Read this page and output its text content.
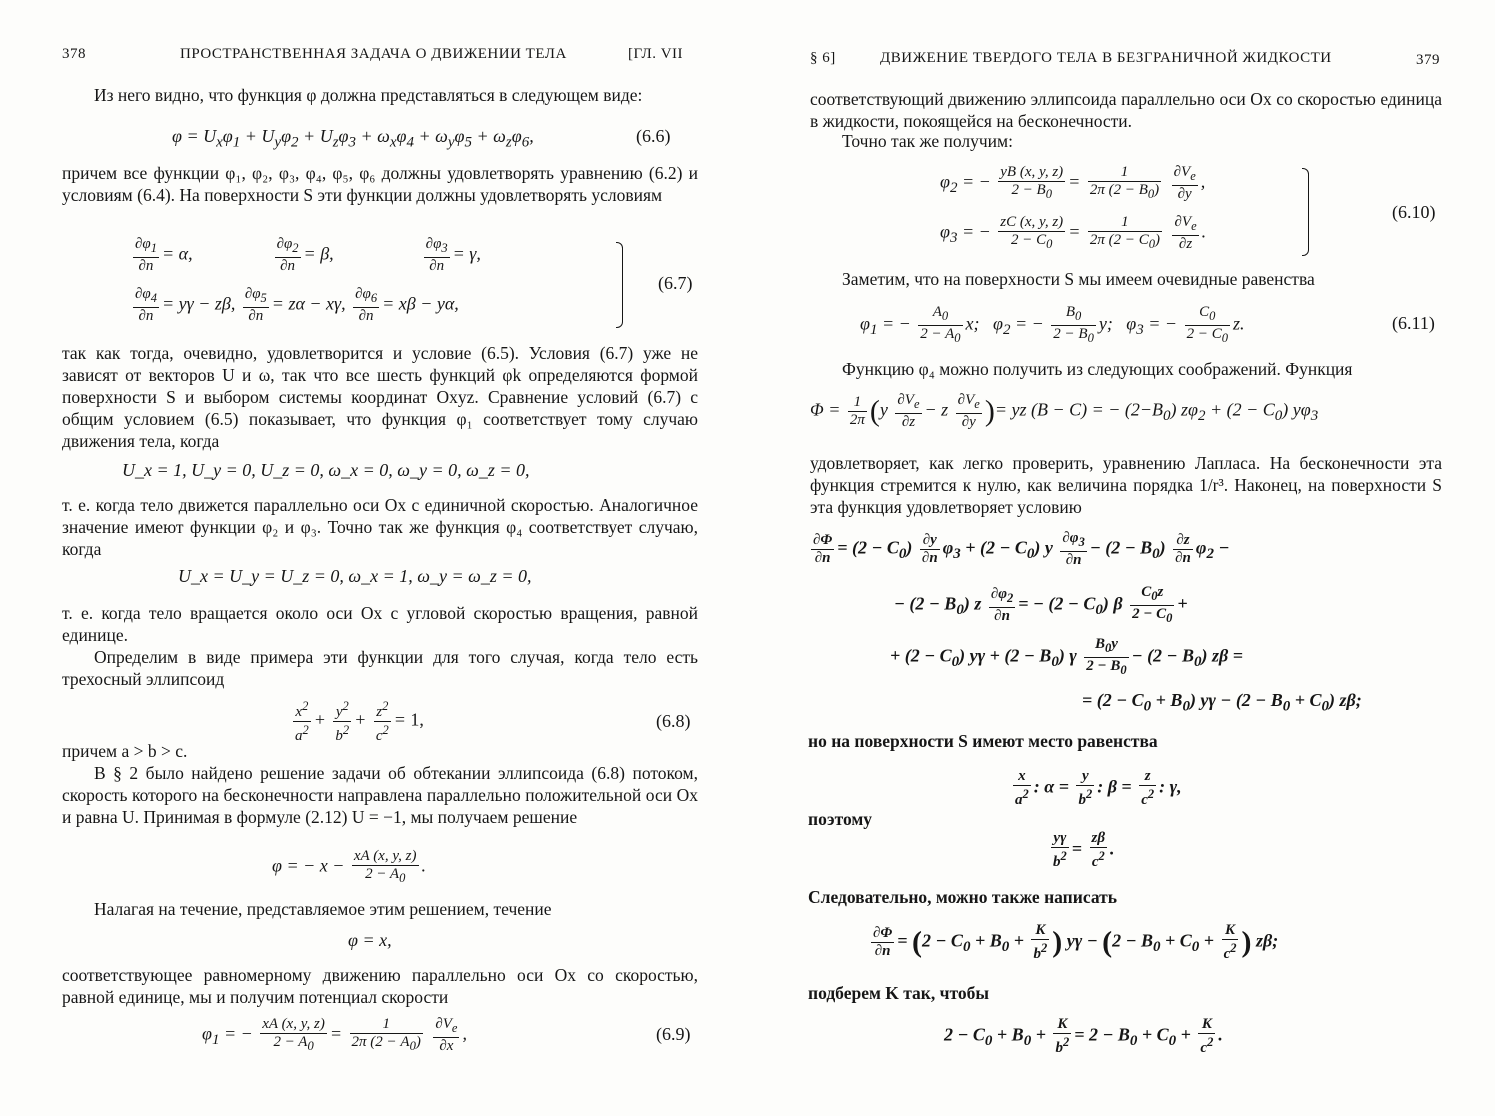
378	ПРОСТРАНСТВЕННАЯ ЗАДАЧА О ДВИЖЕНИИ ТЕЛА	[ГЛ. VII
Из него видно, что функция φ должна представляться в следующем виде:
$\varphi = U_x\varphi_1 + U_y\varphi_2 + U_z\varphi_3 + \omega_x\varphi_4 + \omega_y\varphi_5 + \omega_z\varphi_6$,	(6.6)
причем все функции φ₁, φ₂, φ₃, φ₄, φ₅, φ₆ должны удовлетворять уравнению (6.2) и условиям (6.4). На поверхности S эти функции должны удовлетворять условиям
$\frac{\partial\varphi_1}{\partial n} = \alpha$,	$\frac{\partial\varphi_2}{\partial n} = \beta$,	$\frac{\partial\varphi_3}{\partial n} = \gamma$,
$\frac{\partial\varphi_4}{\partial n} = y\gamma - z\beta$, $\frac{\partial\varphi_5}{\partial n} = z\alpha - x\gamma$, $\frac{\partial\varphi_6}{\partial n} = x\beta - y\alpha$,
(6.7)
так как тогда, очевидно, удовлетворится и условие (6.5). Условия (6.7) уже не зависят от векторов U и ω, так что все шесть функций φk определяются формой поверхности S и выбором системы координат Oxyz. Сравнение условий (6.7) с общим условием (6.5) показывает, что функция φ₁ соответствует тому случаю движения тела, когда
U_x = 1, U_y = 0, U_z = 0, ω_x = 0, ω_y = 0, ω_z = 0,
т. е. когда тело движется параллельно оси Ox с единичной скоростью. Аналогичное значение имеют функции φ₂ и φ₃. Точно так же функция φ₄ соответствует случаю, когда
U_x = U_y = U_z = 0, ω_x = 1, ω_y = ω_z = 0,
т. е. когда тело вращается около оси Ox с угловой скоростью вращения, равной единице.
Определим в виде примера эти функции для того случая, когда тело есть трехосный эллипсоид
$\frac{x^2}{a^2} + \frac{y^2}{b^2} + \frac{z^2}{c^2} = 1$,	(6.8)
причем a > b > c.
В § 2 было найдено решение задачи об обтекании эллипсоида (6.8) потоком, скорость которого на бесконечности направлена параллельно положительной оси Ox и равна U. Принимая в формуле (2.12) U = −1, мы получаем решение
φ = − $x - \frac{xA (x, y, z)}{2 - A_0}$ .
Налагая на течение, представляемое этим решением, течение
φ = x,
соответствующее равномерному движению параллельно оси Ox со скоростью, равной единице, мы и получим потенциал скорости
$\varphi_1$ = − $\frac{xA (x, y, z)}{2 - A_0} = \frac{1}{2\pi (2 - A_0)}$
$\frac{\partial V_e}{\partial x}$ ,	(6.9)
§ 6]	ДВИЖЕНИЕ ТВЕРДОГО ТЕЛА В БЕЗГРАНИЧНОЙ ЖИДКОСТИ	379
соответствующий движению эллипсоида параллельно оси Ox со скоростью единица в жидкости, покоящейся на бесконечности.
Точно так же получим:
$\varphi_2$ = − $\frac{yB (x, y, z)}{2 - B_0} = \frac{1}{2\pi (2 - B_0)}$
$\frac{\partial V_e}{\partial y}$ ,
$\varphi_3$ = − $\frac{zC (x, y, z)}{2 - C_0} = \frac{1}{2\pi (2 - C_0)}$
$\frac{\partial V_e}{\partial z}$ .
(6.10)
Заметим, что на поверхности S мы имеем очевидные равенства
$\varphi_1$ = − $\frac{A_0}{2 - A_0} x$;   $\varphi_2$ = − $\frac{B_0}{2 - B_0} y$;   $\varphi_3$ = − $\frac{C_0}{2 - C_0} z$.	(6.11)
Функцию φ₄ можно получить из следующих соображений. Функция
$\Phi = \frac{1}{2\pi} (y \frac{\partial V_e}{\partial z} - z \frac{\partial V_e}{\partial y}$ )= yz (B − C) = − $(2-B_0) z\varphi_2 + (2 - C_0)$ $y\varphi_3$
удовлетворяет, как легко проверить, уравнению Лапласа. На бесконечности эта функция стремится к нулю, как величина порядка 1/r³. Наконец, на поверхности S эта функция удовлетворяет условию
$\frac{\partial\Phi}{\partial n} = (2 - C_0) \frac{\partial y}{\partial n} \varphi_3 + (2 - C_0)$ y $\frac{\partial\varphi_3}{\partial n} - (2 - B_0) \frac{\partial z}{\partial n} \varphi_2$ −
− $(2 - B_0)$ z $\frac{\partial\varphi_2}{\partial n}$ = − $(2 - C_0)$ β $\frac{C_0z}{2 - C_0}$ +
+ $(2 - C_0)$ $y\gamma + (2 - B_0)$ γ $\frac{B_0y}{2 - B_0} - (2 - B_0) z\beta$ =
= $(2 - C_0 + B_0)$ $y\gamma - (2 - B_0 + C_0)$ zβ;
но на поверхности S имеют место равенства
$\frac{x}{a^2}$ : $\alpha = \frac{y}{b^2}$ : $\beta = \frac{z}{c^2}$ : γ,
поэтому
$\frac{y\gamma}{b^2} = \frac{z\beta}{c^2}$ .
Следовательно, можно также написать
$\frac{\partial\Phi}{\partial n} = (2 - C_0 + B_0 + \frac{K}{b^2}$ ) $y\gamma - (2 - B_0 + C_0 + \frac{K}{c^2}$ ) zβ;
подберем K так, чтобы
$2 - C_0 + B_0 + \frac{K}{b^2} = 2 - B_0 + C_0 + \frac{K}{c^2}$ .
